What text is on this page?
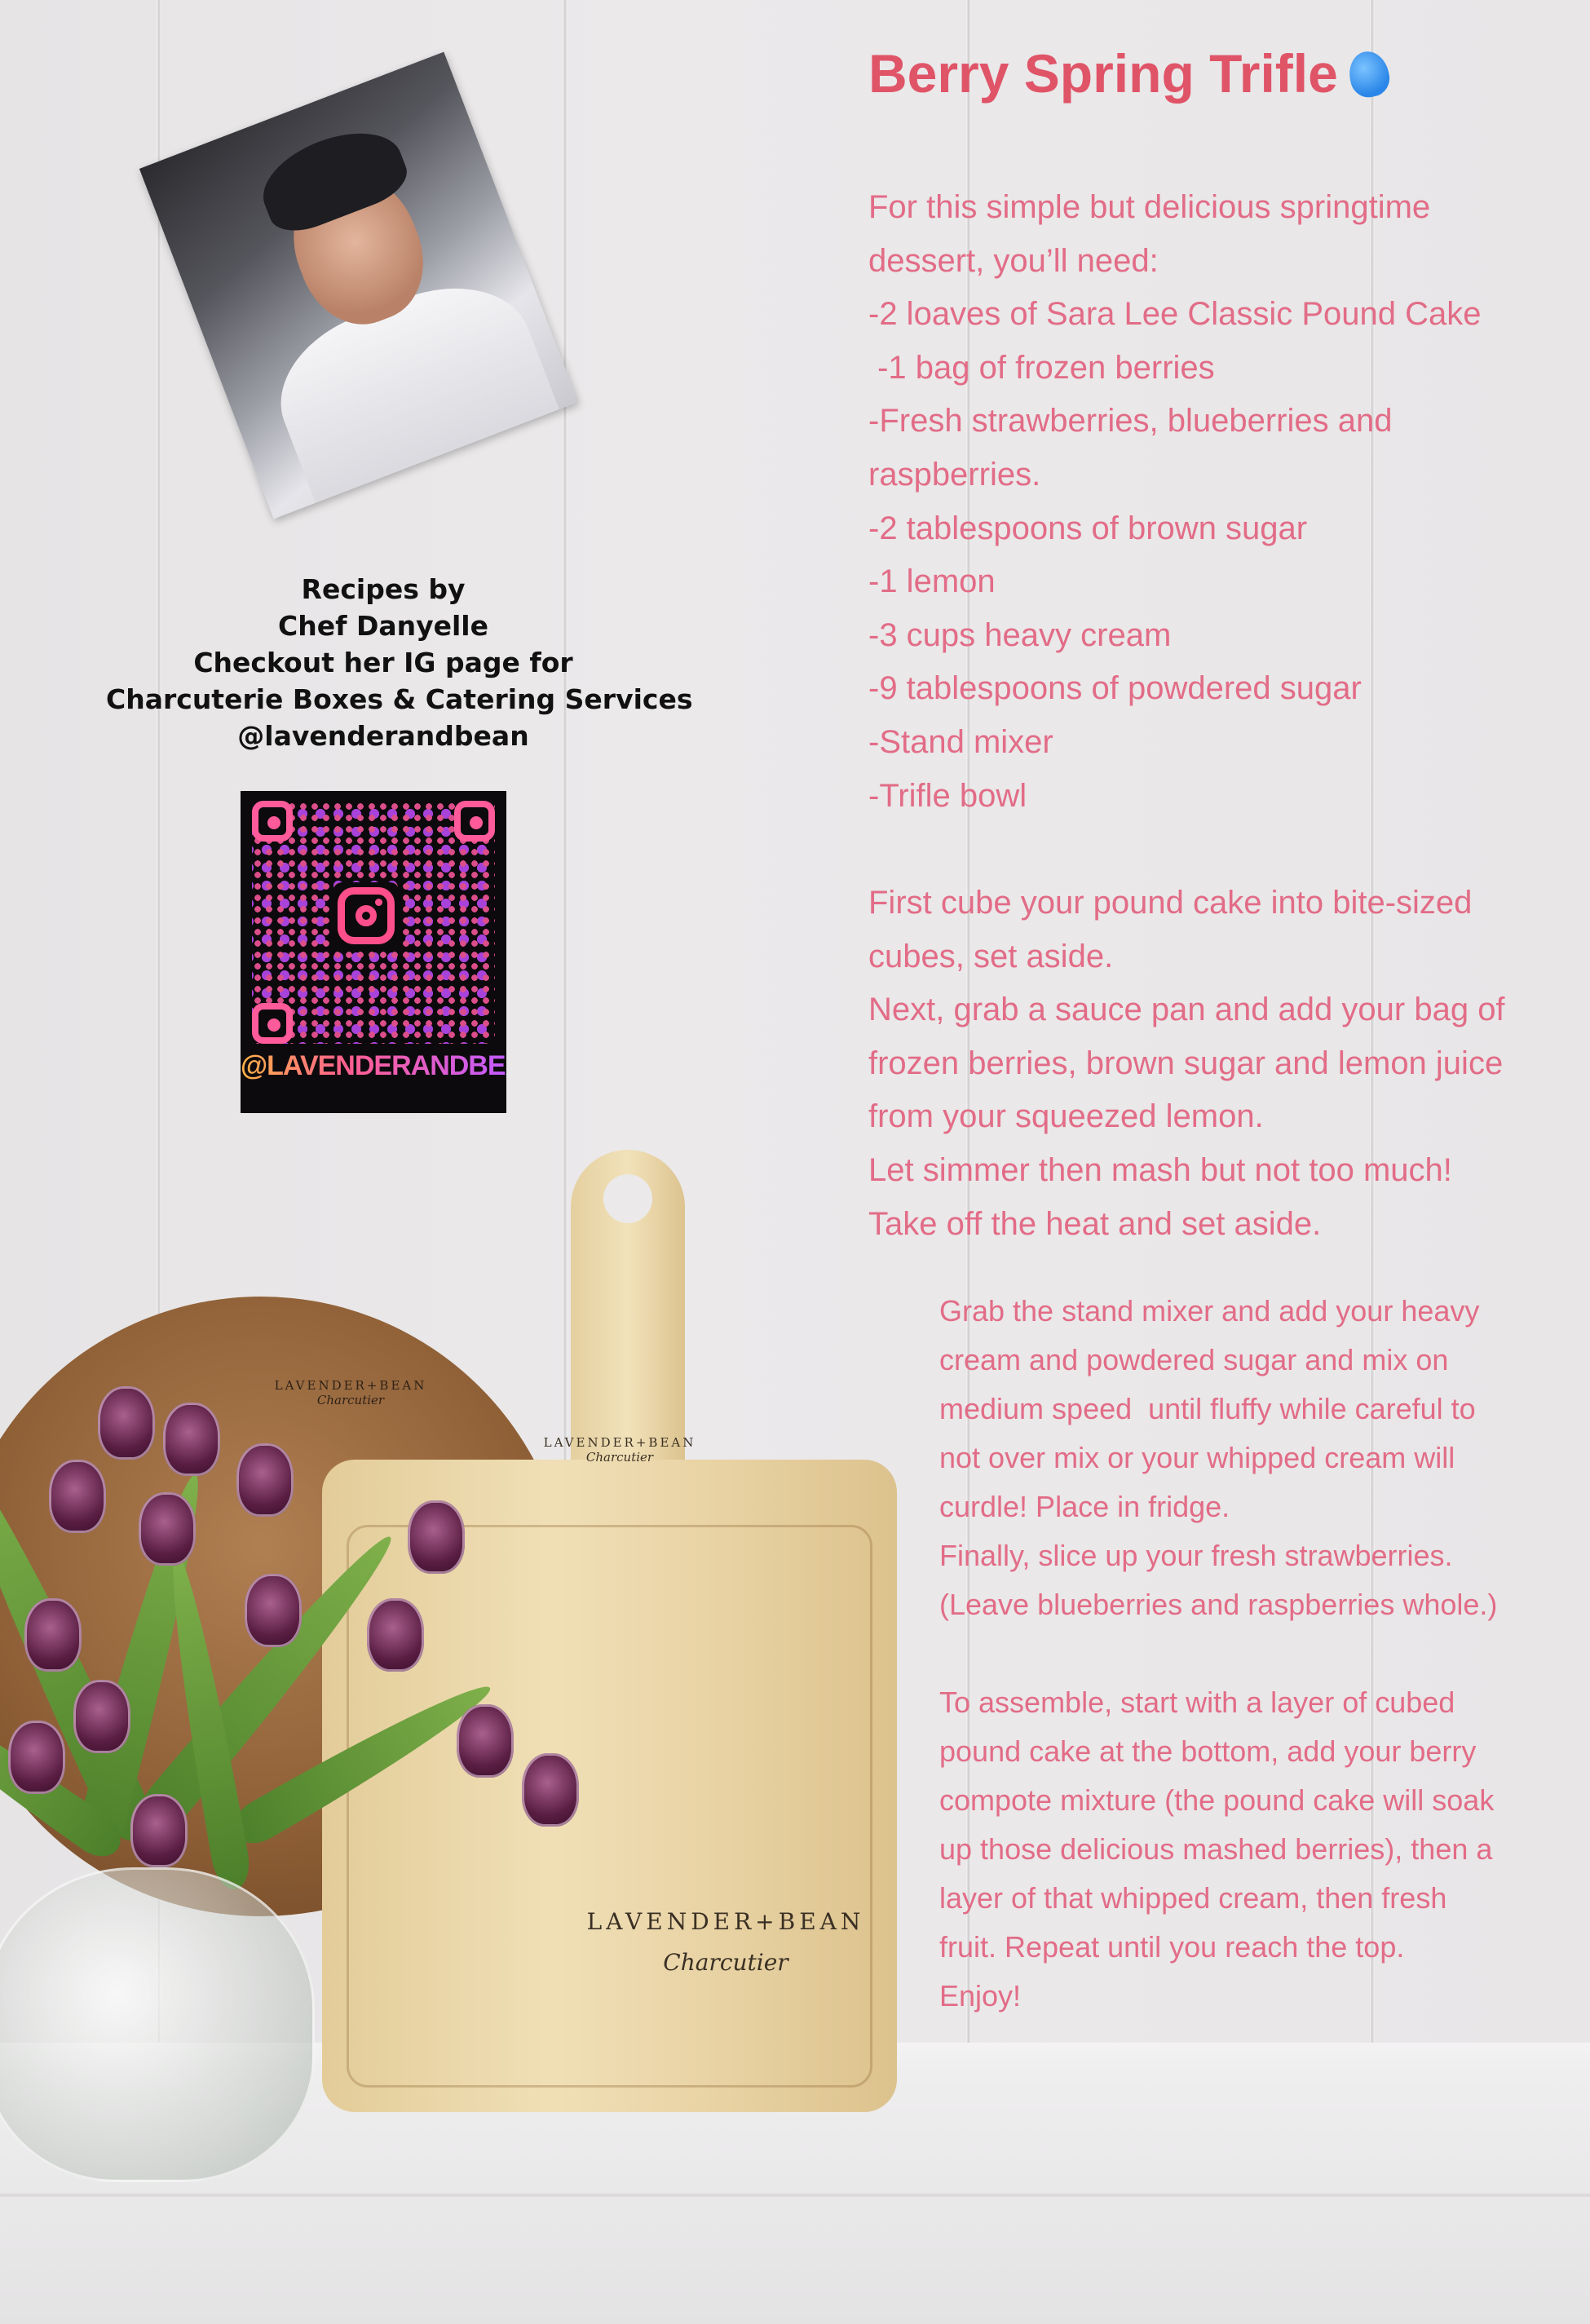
Recipes by
Chef Danyelle
Checkout her IG page for
Charcuterie Boxes & Catering Services
@lavenderandbean
@LAVENDERANDBEAN
LAVENDER+BEAN
Charcutier
LAVENDER+BEAN
Charcutier
LAVENDER+BEAN
Charcutier
Berry Spring Trifle
For this simple but delicious springtime
dessert, you’ll need:
-2 loaves of Sara Lee Classic Pound Cake
-1 bag of frozen berries
-Fresh strawberries, blueberries and
raspberries.
-2 tablespoons of brown sugar
-1 lemon
-3 cups heavy cream
-9 tablespoons of powdered sugar
-Stand mixer
-Trifle bowl
First cube your pound cake into bite-sized
cubes, set aside.
Next, grab a sauce pan and add your bag of
frozen berries, brown sugar and lemon juice
from your squeezed lemon.
Let simmer then mash but not too much!
Take off the heat and set aside.
Grab the stand mixer and add your heavy
cream and powdered sugar and mix on
medium speed  until fluffy while careful to
not over mix or your whipped cream will
curdle! Place in fridge.
Finally, slice up your fresh strawberries.
(Leave blueberries and raspberries whole.)
To assemble, start with a layer of cubed
pound cake at the bottom, add your berry
compote mixture (the pound cake will soak
up those delicious mashed berries), then a
layer of that whipped cream, then fresh
fruit. Repeat until you reach the top.
Enjoy!
